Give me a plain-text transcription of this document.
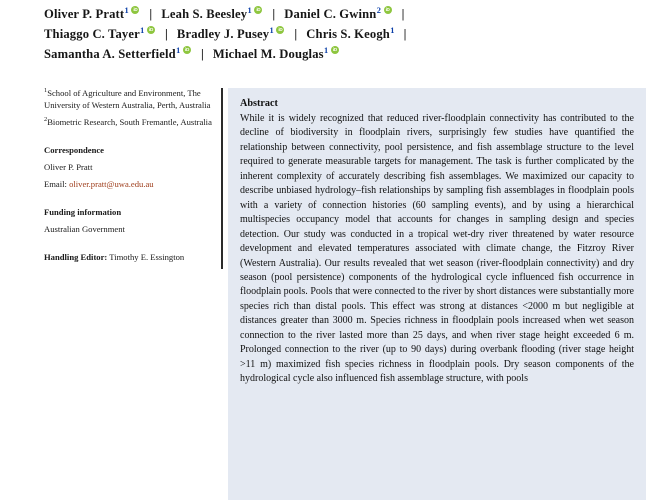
Oliver P. Pratt$^1$ iD | Leah S. Beesley$^1$ iD | Daniel C. Gwinn$^2$ iD |
Thiaggo C. Tayer$^1$ iD | Bradley J. Pusey$^1$ iD | Chris S. Keogh$^1$ |
Samantha A. Setterfield$^1$ iD | Michael M. Douglas$^1$iD

$^1$School of Agriculture and Environment, The University of Western Australia, Perth, Australia

$^2$Biometric Research, South Fremantle, Australia

Correspondence

Oliver P. Pratt

Email: oliver.pratt@uwa.edu.au

Funding information

Australian Government

Handling Editor: Timothy E. Essington

Abstract

While it is widely recognized that reduced river-floodplain connectivity has contributed to the decline of biodiversity in floodplain rivers, surprisingly few studies have quantified the relationship between connectivity, pool persistence, and fish assemblage structure to the level required to generate measurable targets for management. The task is further complicated by the inherent complexity of accurately describing fish assemblages. We maximized our capacity to describe unbiased hydrology–fish relationships by sampling fish assemblages in floodplain pools with a variety of connection histories (60 sampling events), and by using a hierarchical multispecies occupancy model that accounts for changes in sampling design and species detection. Our study was conducted in a tropical wet-dry river threatened by water resource development and elevated temperatures associated with climate change, the Fitzroy River (Western Australia). Our results revealed that wet season (river-floodplain connectivity) and dry season (pool persistence) components of the hydrological cycle influenced fish occurrence in floodplain pools. Pools that were connected to the river by short distances were substantially more species rich than distal pools. This effect was strong at distances <2000 m but negligible at distances greater than 3000 m. Species richness in floodplain pools increased when wet season connection to the river lasted more than 25 days, and when river stage height exceeded 6 m. Prolonged connection to the river (up to 90 days) during overbank flooding (river stage height >11 m) maximized fish species richness in floodplain pools. Dry season components of the hydrological cycle also influenced fish assemblage structure, with pools
